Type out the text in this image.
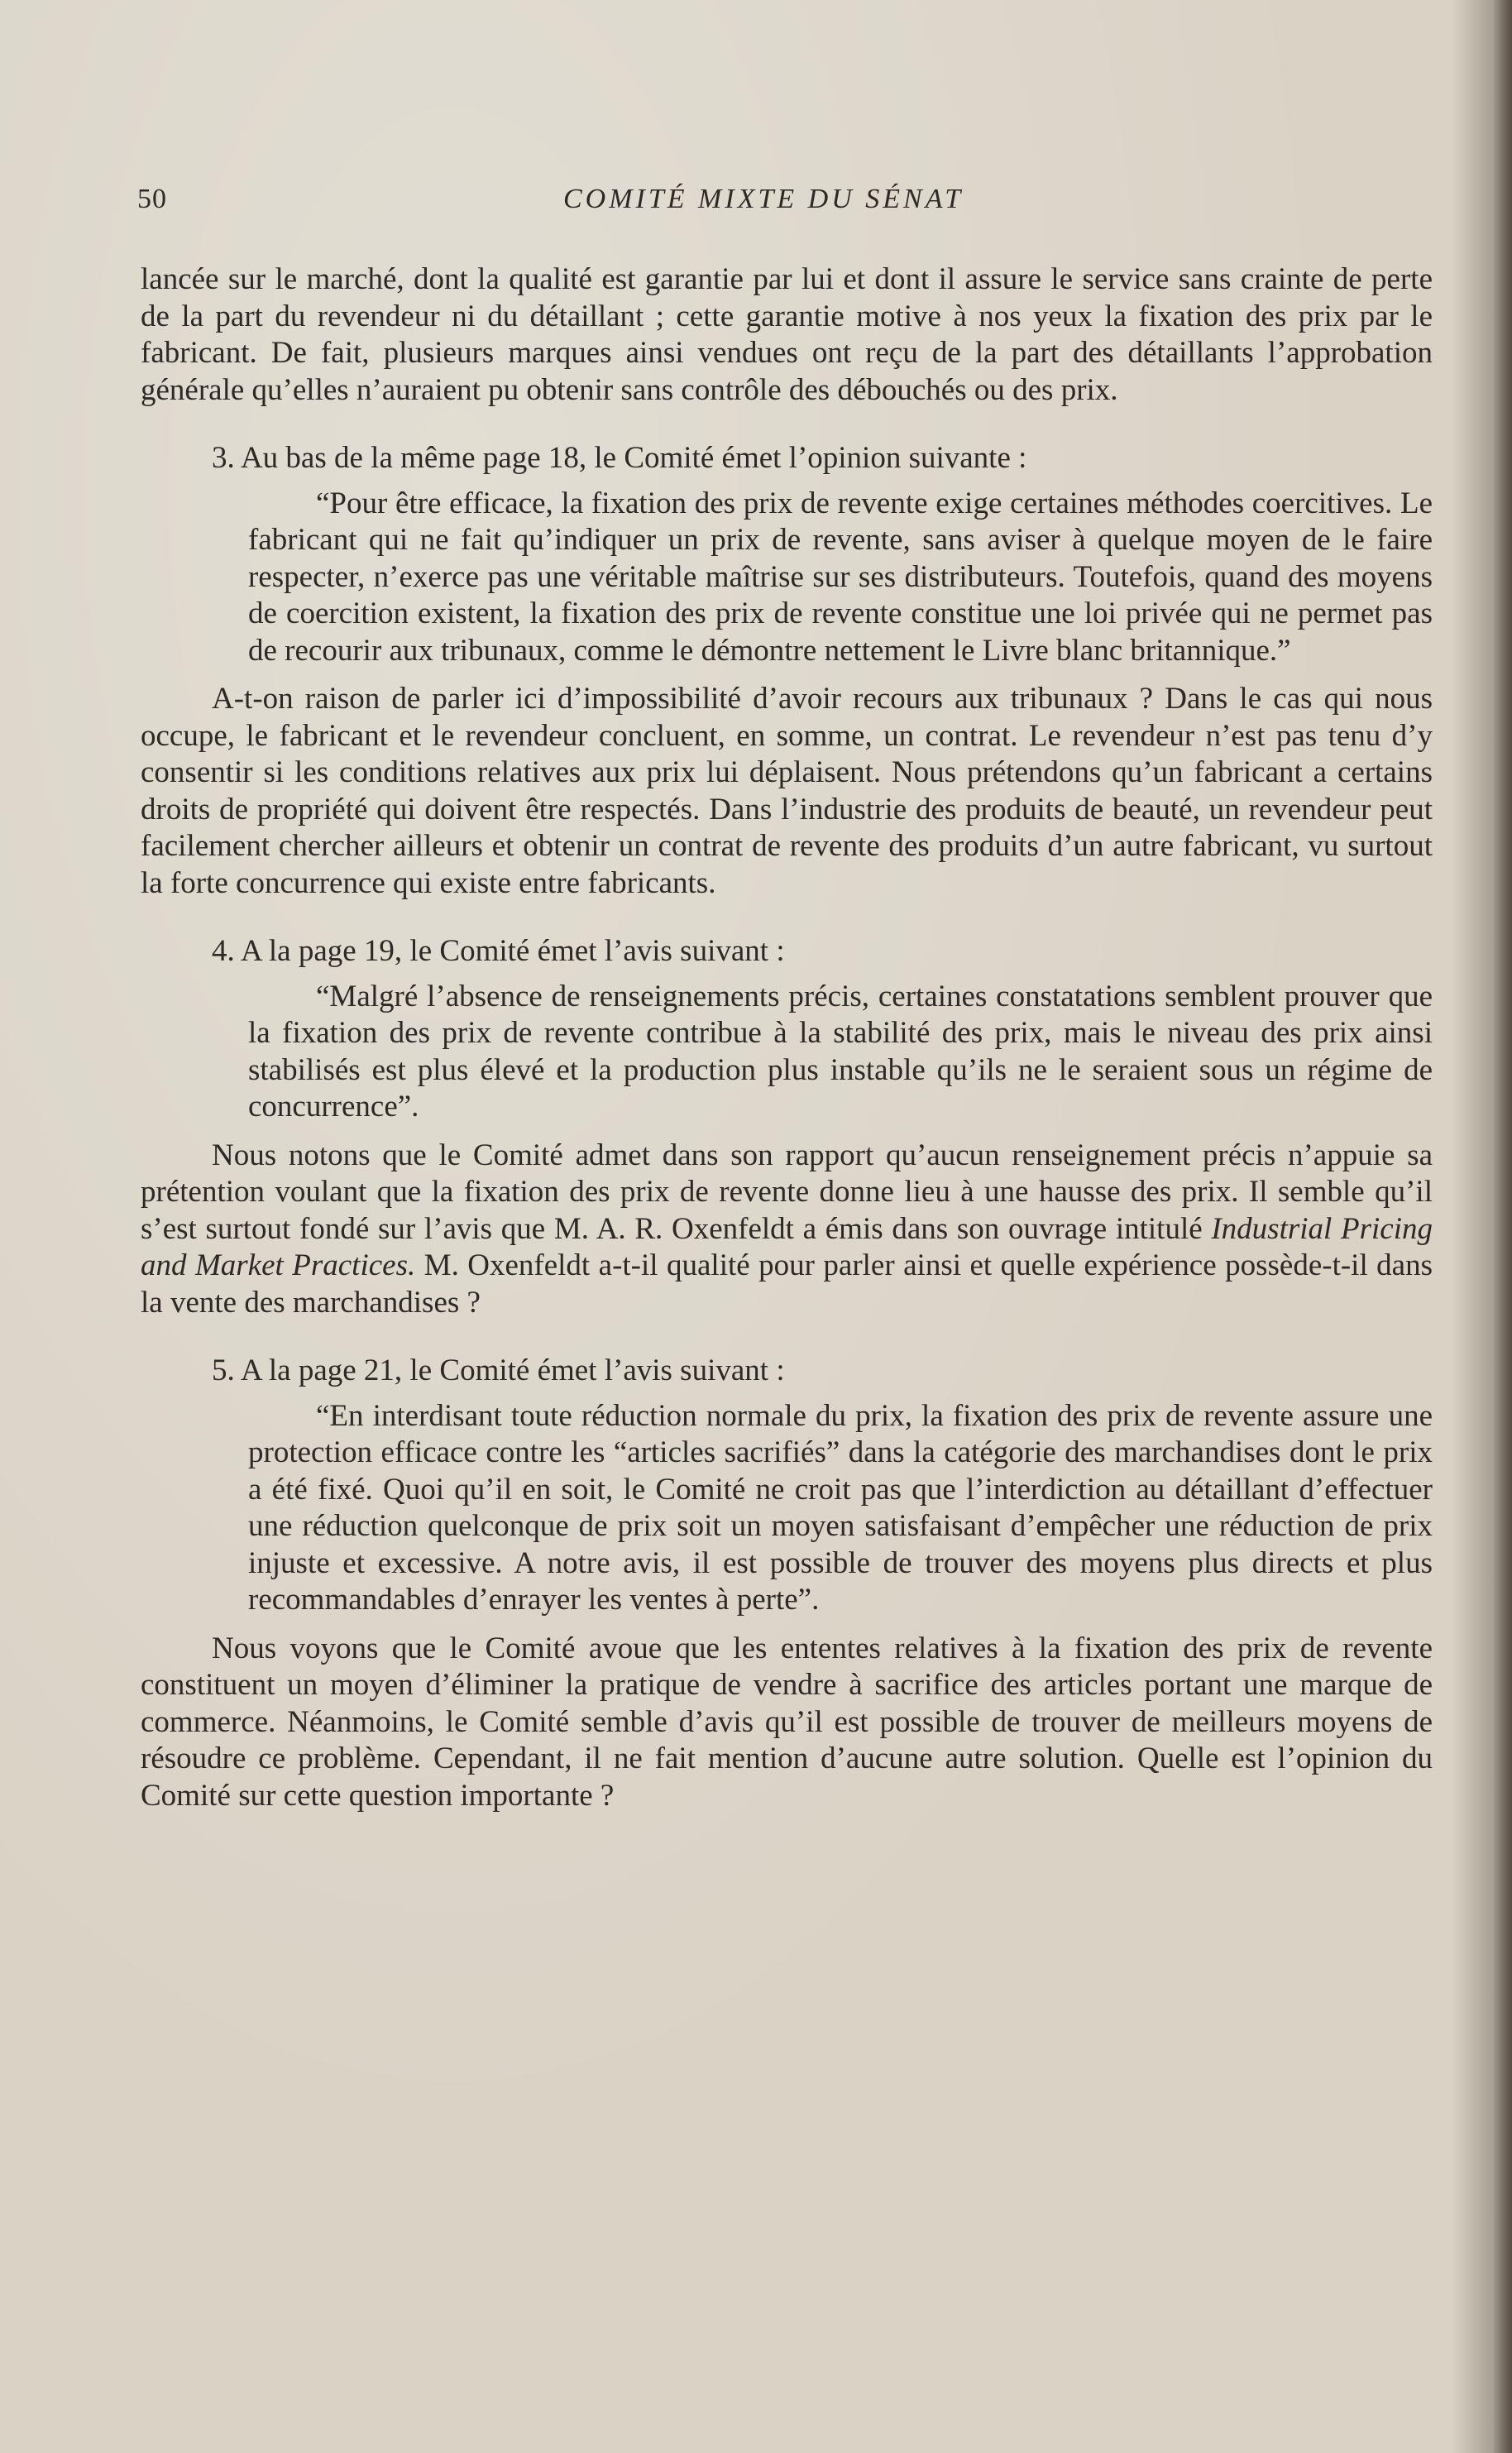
50	COMITÉ MIXTE DU SÉNAT

lancée sur le marché, dont la qualité est garantie par lui et dont il assure le service sans crainte de perte de la part du revendeur ni du détaillant ; cette garantie motive à nos yeux la fixation des prix par le fabricant. De fait, plusieurs marques ainsi vendues ont reçu de la part des détaillants l’approbation générale qu’elles n’auraient pu obtenir sans contrôle des débouchés ou des prix.

3. Au bas de la même page 18, le Comité émet l’opinion suivante :

“Pour être efficace, la fixation des prix de revente exige certaines méthodes coercitives. Le fabricant qui ne fait qu’indiquer un prix de revente, sans aviser à quelque moyen de le faire respecter, n’exerce pas une véritable maîtrise sur ses distributeurs. Toutefois, quand des moyens de coercition existent, la fixation des prix de revente constitue une loi privée qui ne permet pas de recourir aux tribunaux, comme le démontre nettement le Livre blanc britannique.”

A-t-on raison de parler ici d’impossibilité d’avoir recours aux tribunaux ? Dans le cas qui nous occupe, le fabricant et le revendeur concluent, en somme, un contrat. Le revendeur n’est pas tenu d’y consentir si les conditions relatives aux prix lui déplaisent. Nous prétendons qu’un fabricant a certains droits de propriété qui doivent être respectés. Dans l’industrie des produits de beauté, un revendeur peut facilement chercher ailleurs et obtenir un contrat de revente des produits d’un autre fabricant, vu surtout la forte concurrence qui existe entre fabricants.

4. A la page 19, le Comité émet l’avis suivant :

“Malgré l’absence de renseignements précis, certaines constatations semblent prouver que la fixation des prix de revente contribue à la stabilité des prix, mais le niveau des prix ainsi stabilisés est plus élevé et la production plus instable qu’ils ne le seraient sous un régime de concurrence”.

Nous notons que le Comité admet dans son rapport qu’aucun renseignement précis n’appuie sa prétention voulant que la fixation des prix de revente donne lieu à une hausse des prix. Il semble qu’il s’est surtout fondé sur l’avis que M. A. R. Oxenfeldt a émis dans son ouvrage intitulé Industrial Pricing and Market Practices. M. Oxenfeldt a-t-il qualité pour parler ainsi et quelle expérience possède-t-il dans la vente des marchandises ?

5. A la page 21, le Comité émet l’avis suivant :

“En interdisant toute réduction normale du prix, la fixation des prix de revente assure une protection efficace contre les “articles sacrifiés” dans la catégorie des marchandises dont le prix a été fixé. Quoi qu’il en soit, le Comité ne croit pas que l’interdiction au détaillant d’effectuer une réduction quelconque de prix soit un moyen satisfaisant d’empêcher une réduction de prix injuste et excessive. A notre avis, il est possible de trouver des moyens plus directs et plus recommandables d’enrayer les ventes à perte”.

Nous voyons que le Comité avoue que les ententes relatives à la fixation des prix de revente constituent un moyen d’éliminer la pratique de vendre à sacrifice des articles portant une marque de commerce. Néanmoins, le Comité semble d’avis qu’il est possible de trouver de meilleurs moyens de résoudre ce problème. Cependant, il ne fait mention d’aucune autre solution. Quelle est l’opinion du Comité sur cette question importante ?
